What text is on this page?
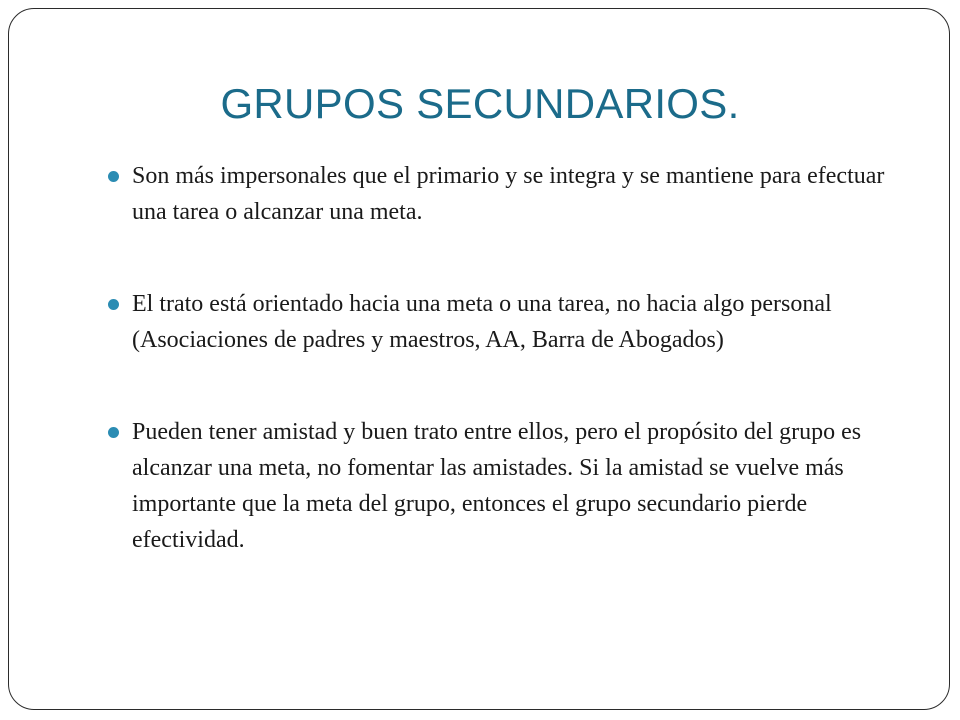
GRUPOS SECUNDARIOS.
Son más impersonales que el primario y se integra y se mantiene para efectuar una tarea o alcanzar una meta.
El trato está orientado hacia una meta o una tarea, no hacia algo personal (Asociaciones de padres y maestros, AA, Barra de Abogados)
Pueden tener amistad y buen trato entre ellos, pero el propósito del grupo es alcanzar una meta, no fomentar las amistades. Si la amistad se vuelve más importante que la meta del grupo, entonces el grupo secundario pierde efectividad.
